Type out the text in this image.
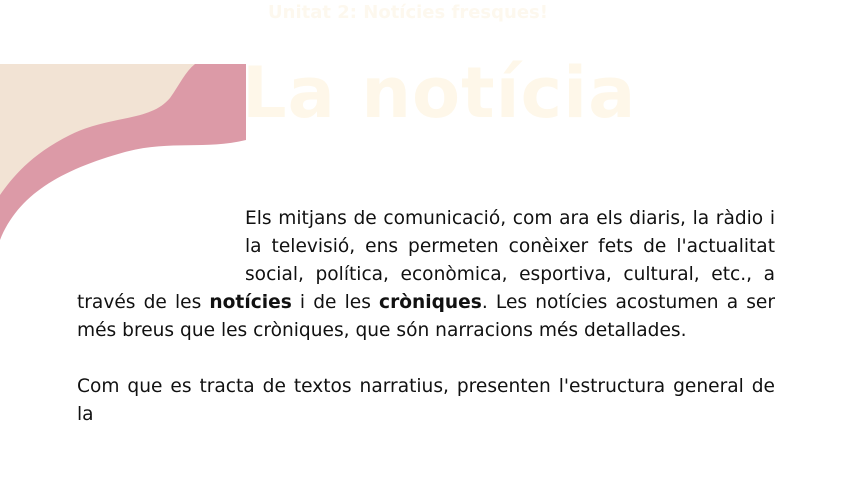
Unitat 2: Notícies fresques!
La notícia

Els mitjans de comunicació, com ara els diaris, la ràdio i la televisió, ens permeten conèixer fets de l'actualitat social, política, econòmica, esportiva, cultural, etc., a través de les notícies i de les cròniques. Les notícies acostumen a ser més breus que les cròniques, que són narracions més detallades.

Com que es tracta de textos narratius, presenten l'estructura general de la
